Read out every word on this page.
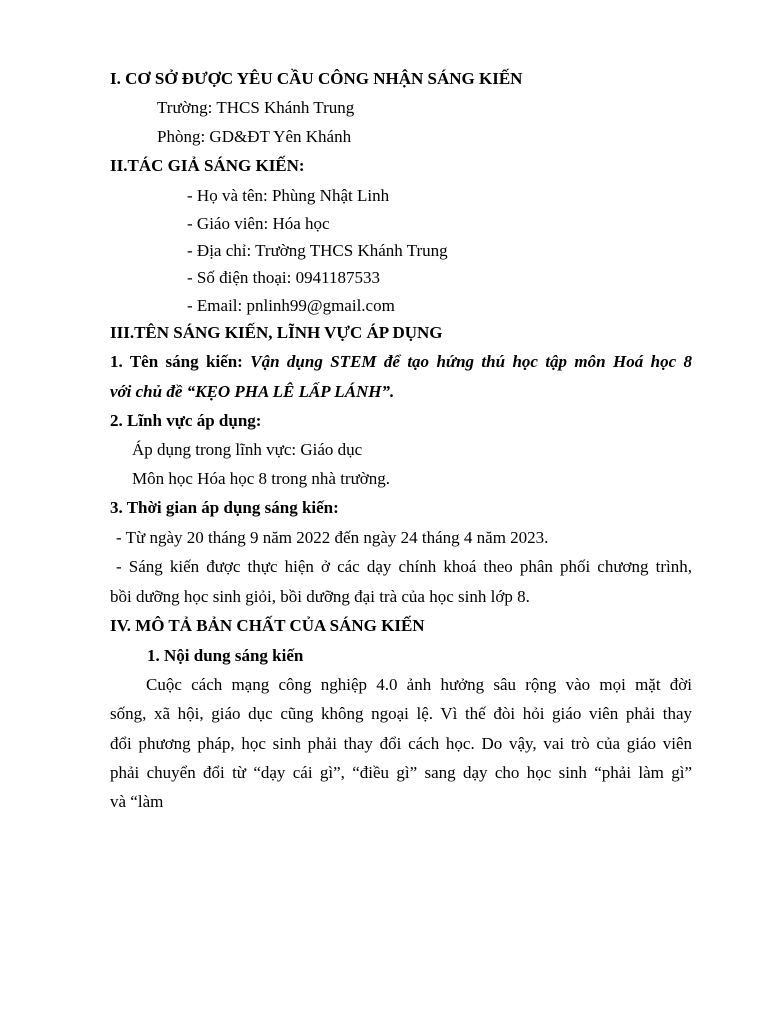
I. CƠ SỞ ĐƯỢC YÊU CẦU CÔNG NHẬN SÁNG KIẾN
Trường: THCS Khánh Trung
Phòng: GD&ĐT Yên Khánh
II.TÁC GIẢ SÁNG KIẾN:
- Họ và tên: Phùng Nhật Linh
- Giáo viên: Hóa học
- Địa chỉ: Trường THCS Khánh Trung
- Số điện thoại: 0941187533
- Email: pnlinh99@gmail.com
III.TÊN SÁNG KIẾN, LĨNH VỰC ÁP DỤNG
1. Tên sáng kiến: Vận dụng STEM để tạo hứng thú học tập môn Hoá học 8
với chủ đề “KẸO PHA LÊ LẤP LÁNH”.
2. Lĩnh vực áp dụng:
Áp dụng trong lĩnh vực: Giáo dục
Môn học Hóa học 8 trong nhà trường.
3. Thời gian áp dụng sáng kiến:
- Từ ngày 20 tháng 9 năm 2022 đến ngày 24 tháng 4 năm 2023.
- Sáng kiến được thực hiện ở các dạy chính khoá theo phân phối chương trình,
bồi dưỡng học sinh giỏi, bồi dưỡng đại trà của học sinh lớp 8.
IV. MÔ TẢ BẢN CHẤT CỦA SÁNG KIẾN
1. Nội dung sáng kiến
Cuộc cách mạng công nghiệp 4.0 ảnh hưởng sâu rộng vào mọi mặt đời
sống, xã hội, giáo dục cũng không ngoại lệ. Vì thế đòi hỏi giáo viên phải thay
đổi phương pháp, học sinh phải thay đổi cách học. Do vậy, vai trò của giáo viên
phải chuyển đổi từ “dạy cái gì”, “điều gì” sang dạy cho học sinh “phải làm gì”
và “làm
